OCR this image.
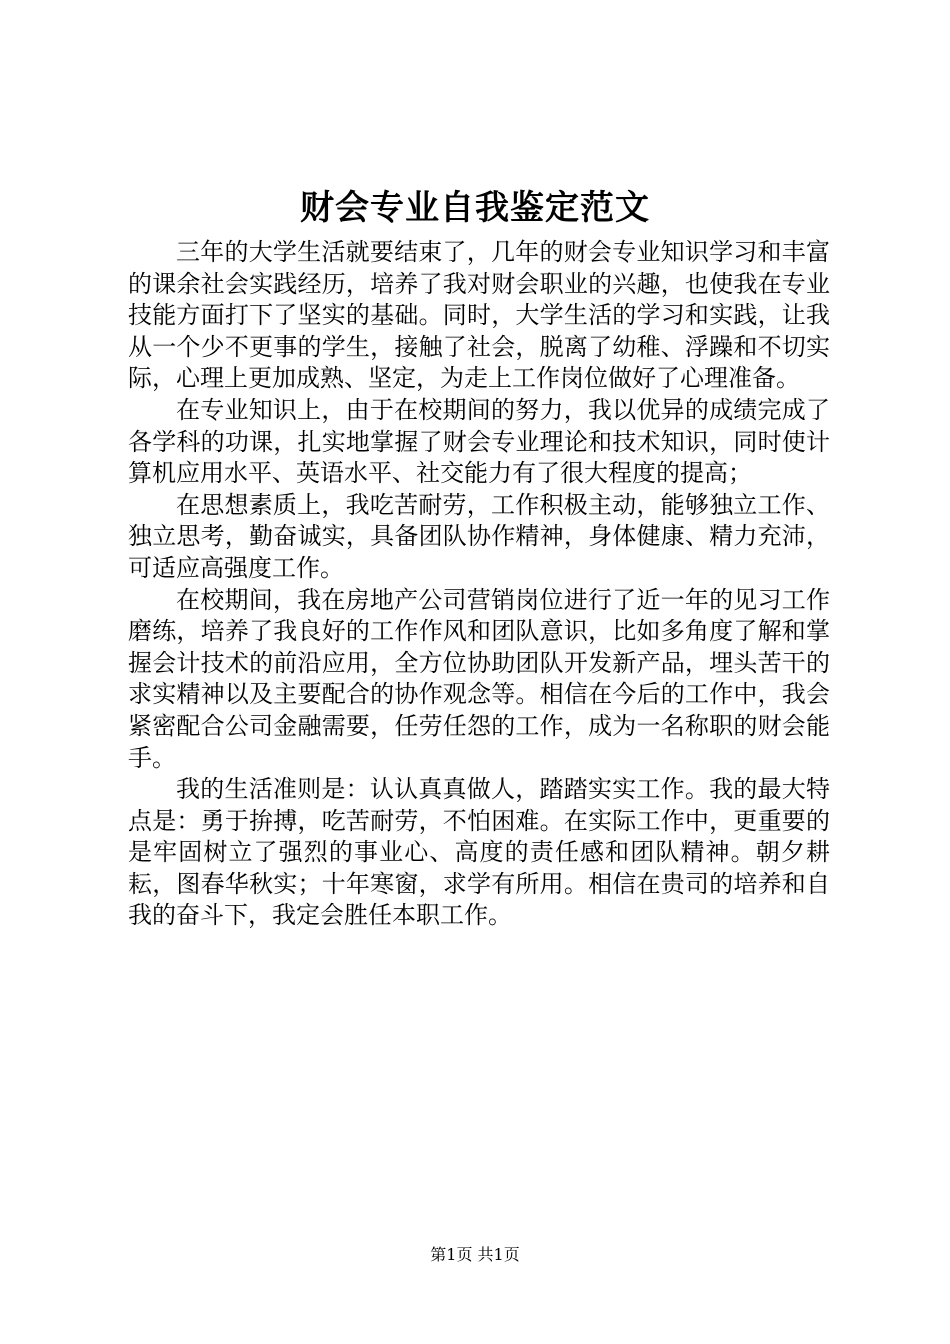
财会专业自我鉴定范文

三年的大学生活就要结束了，几年的财会专业知识学习和丰富的课余社会实践经历，培养了我对财会职业的兴趣，也使我在专业技能方面打下了坚实的基础。同时，大学生活的学习和实践，让我从一个少不更事的学生，接触了社会，脱离了幼稚、浮躁和不切实际，心理上更加成熟、坚定，为走上工作岗位做好了心理准备。

在专业知识上，由于在校期间的努力，我以优异的成绩完成了各学科的功课，扎实地掌握了财会专业理论和技术知识，同时使计算机应用水平、英语水平、社交能力有了很大程度的提高；

在思想素质上，我吃苦耐劳，工作积极主动，能够独立工作、独立思考，勤奋诚实，具备团队协作精神，身体健康、精力充沛，可适应高强度工作。

在校期间，我在房地产公司营销岗位进行了近一年的见习工作磨练，培养了我良好的工作作风和团队意识，比如多角度了解和掌握会计技术的前沿应用，全方位协助团队开发新产品，埋头苦干的求实精神以及主要配合的协作观念等。相信在今后的工作中，我会紧密配合公司金融需要，任劳任怨的工作，成为一名称职的财会能手。

我的生活准则是：认认真真做人，踏踏实实工作。我的最大特点是：勇于拚搏，吃苦耐劳，不怕困难。在实际工作中，更重要的是牢固树立了强烈的事业心、高度的责任感和团队精神。朝夕耕耘，图春华秋实；十年寒窗，求学有所用。相信在贵司的培养和自我的奋斗下，我定会胜任本职工作。

第1页 共1页
